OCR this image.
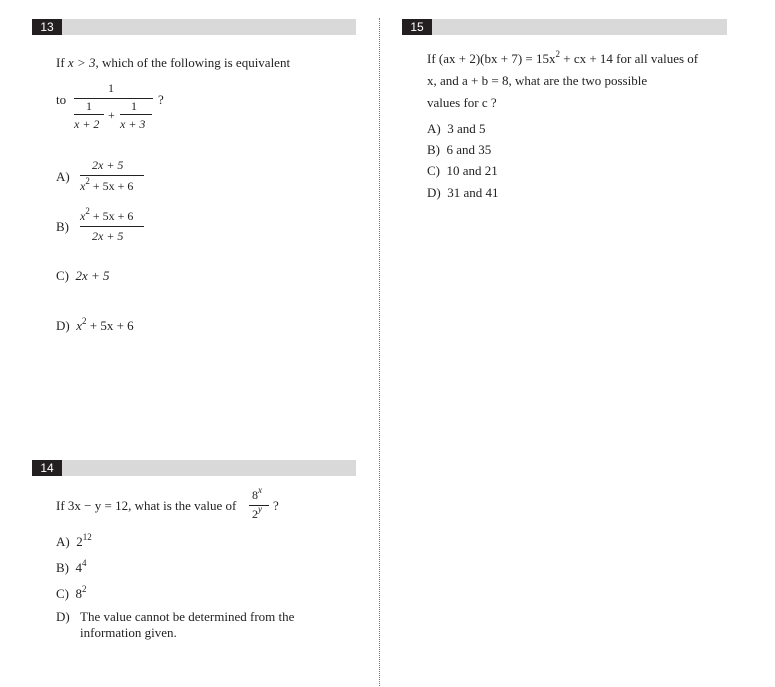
13
14
15
If x > 3, which of the following is equivalent
to
1
1
x + 2
+
1
x + 3
?
A)
2x + 5
$x^2 + 5x + 6$
B)
$x^2 + 5x + 6$
2x + 5
C) 2x + 5
D) $x^2 + 5x + 6$
If 3x − y = 12, what is the value of
8$^x$
2$^y$ ?
A) $2^{12}$
B) $4^4$
C) $8^2$
D) The value cannot be determined from the
information given.
If $(ax + 2)(bx + 7) = 15x^2$ + cx + 14 for all values of
x, and a + b = 8, what are the two possible
values for c ?
A) 3 and 5
B) 6 and 35
C) 10 and 21
D) 31 and 41
